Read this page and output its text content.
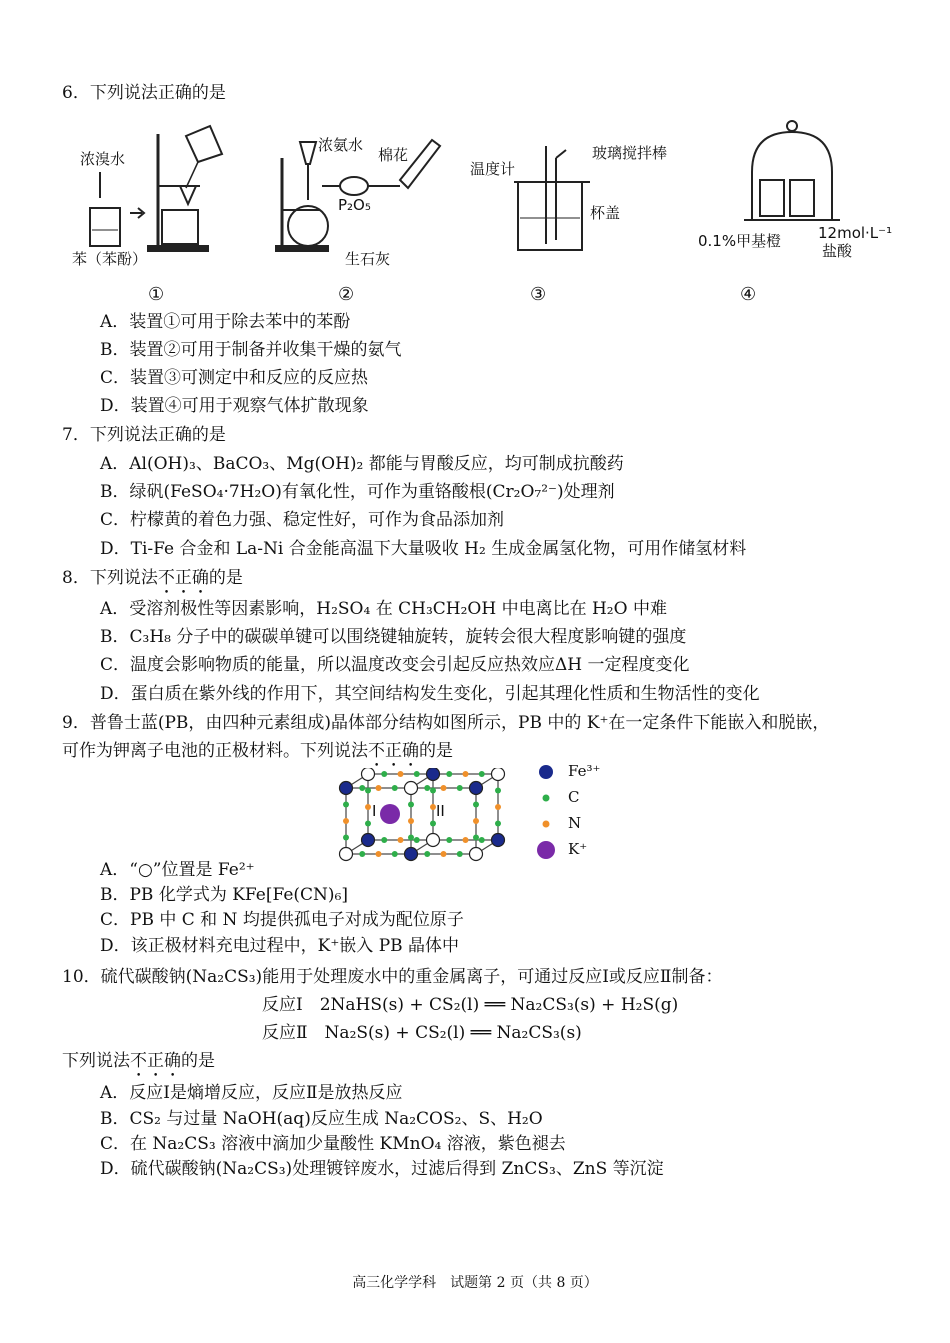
6．下列说法正确的是
浓溴水
苯（苯酚）
浓氨水
棉花
P₂O₅
生石灰
温度计
玻璃搅拌棒
杯盖
0.1%甲基橙 12mol·L⁻¹
盐酸
①	②	③	④
A．装置①可用于除去苯中的苯酚
B．装置②可用于制备并收集干燥的氨气
C．装置③可测定中和反应的反应热
D．装置④可用于观察气体扩散现象
7．下列说法正确的是
A．Al(OH)₃、BaCO₃、Mg(OH)₂ 都能与胃酸反应，均可制成抗酸药
B．绿矾(FeSO₄·7H₂O)有氧化性，可作为重铬酸根(Cr₂O₇²⁻)处理剂
C．柠檬黄的着色力强、稳定性好，可作为食品添加剂
D．Ti-Fe 合金和 La-Ni 合金能高温下大量吸收 H₂ 生成金属氢化物，可用作储氢材料
8．下列说法不正确的是
A．受溶剂极性等因素影响，H₂SO₄ 在 CH₃CH₂OH 中电离比在 H₂O 中难
B．C₃H₈ 分子中的碳碳单键可以围绕键轴旋转，旋转会很大程度影响键的强度
C．温度会影响物质的能量，所以温度改变会引起反应热效应ΔH 一定程度变化
D．蛋白质在紫外线的作用下，其空间结构发生变化，引起其理化性质和生物活性的变化
9．普鲁士蓝(PB，由四种元素组成)晶体部分结构如图所示，PB 中的 K⁺在一定条件下能嵌入和脱嵌，
可作为钾离子电池的正极材料。下列说法不正确的是
I	II
Fe³⁺
C
N
K⁺
A．“○”位置是 Fe²⁺
B．PB 化学式为 KFe[Fe(CN)₆]
C．PB 中 C 和 N 均提供孤电子对成为配位原子
D．该正极材料充电过程中，K⁺嵌入 PB 晶体中
10．硫代碳酸钠(Na₂CS₃)能用于处理废水中的重金属离子，可通过反应Ⅰ或反应Ⅱ制备：
反应Ⅰ　2NaHS(s) + CS₂(l) ══ Na₂CS₃(s) + H₂S(g)
反应Ⅱ　Na₂S(s) + CS₂(l) ══ Na₂CS₃(s)
下列说法不正确的是
A．反应Ⅰ是熵增反应，反应Ⅱ是放热反应
B．CS₂ 与过量 NaOH(aq)反应生成 Na₂COS₂、S、H₂O
C．在 Na₂CS₃ 溶液中滴加少量酸性 KMnO₄ 溶液，紫色褪去
D．硫代碳酸钠(Na₂CS₃)处理镀锌废水，过滤后得到 ZnCS₃、ZnS 等沉淀
高三化学学科　试题第 2 页（共 8 页）
